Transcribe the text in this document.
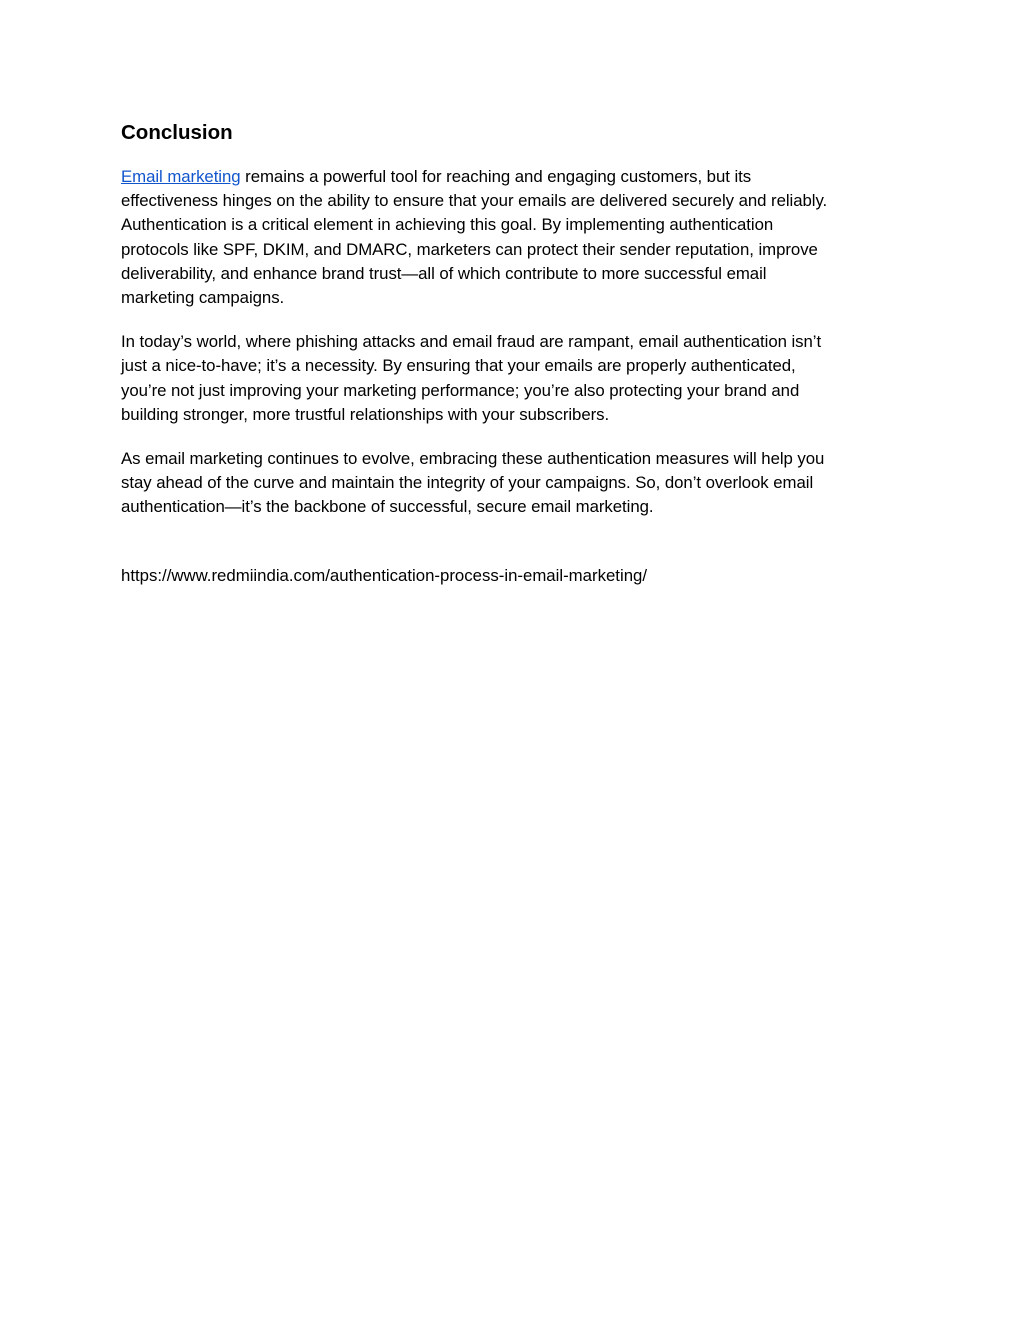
Conclusion

Email marketing remains a powerful tool for reaching and engaging customers, but its
effectiveness hinges on the ability to ensure that your emails are delivered securely and reliably.
Authentication is a critical element in achieving this goal. By implementing authentication
protocols like SPF, DKIM, and DMARC, marketers can protect their sender reputation, improve
deliverability, and enhance brand trust—all of which contribute to more successful email
marketing campaigns.

In today’s world, where phishing attacks and email fraud are rampant, email authentication isn’t
just a nice-to-have; it’s a necessity. By ensuring that your emails are properly authenticated,
you’re not just improving your marketing performance; you’re also protecting your brand and
building stronger, more trustful relationships with your subscribers.

As email marketing continues to evolve, embracing these authentication measures will help you
stay ahead of the curve and maintain the integrity of your campaigns. So, don’t overlook email
authentication—it’s the backbone of successful, secure email marketing.

https://www.redmiindia.com/authentication-process-in-email-marketing/
